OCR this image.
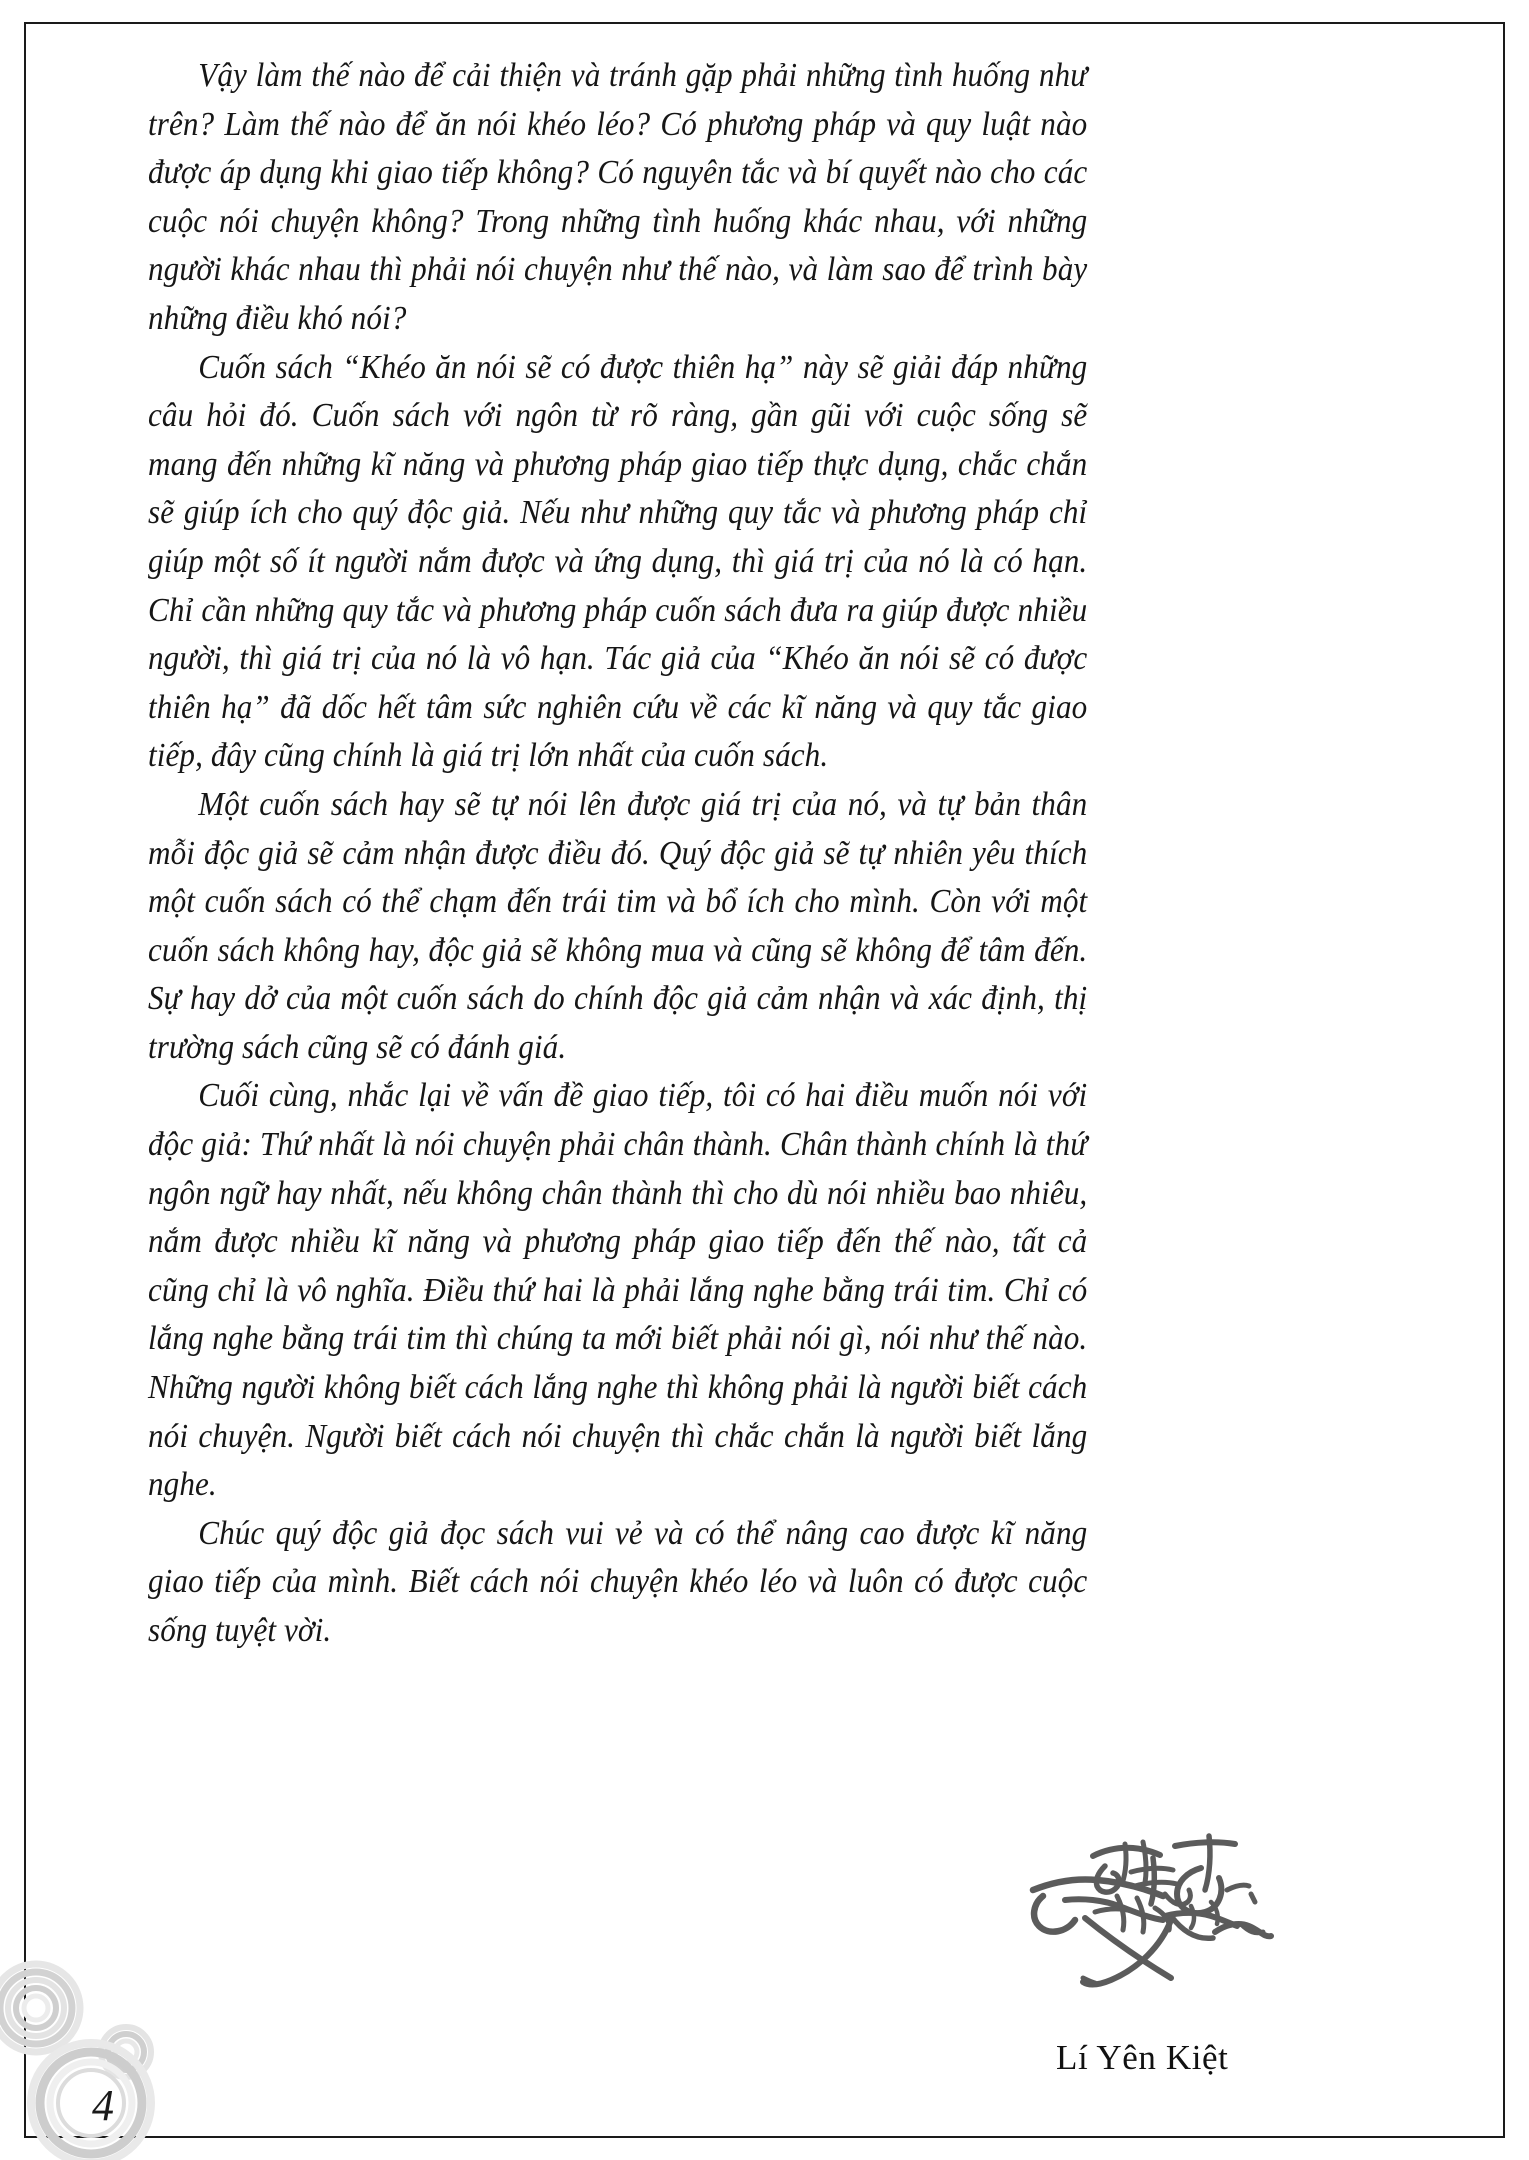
Vậy làm thế nào để cải thiện và tránh gặp phải những tình huống như trên? Làm thế nào để ăn nói khéo léo? Có phương pháp và quy luật nào được áp dụng khi giao tiếp không? Có nguyên tắc và bí quyết nào cho các cuộc nói chuyện không? Trong những tình huống khác nhau, với những người khác nhau thì phải nói chuyện như thế nào, và làm sao để trình bày những điều khó nói?

Cuốn sách “Khéo ăn nói sẽ có được thiên hạ” này sẽ giải đáp những câu hỏi đó. Cuốn sách với ngôn từ rõ ràng, gần gũi với cuộc sống sẽ mang đến những kĩ năng và phương pháp giao tiếp thực dụng, chắc chắn sẽ giúp ích cho quý độc giả. Nếu như những quy tắc và phương pháp chỉ giúp một số ít người nắm được và ứng dụng, thì giá trị của nó là có hạn. Chỉ cần những quy tắc và phương pháp cuốn sách đưa ra giúp được nhiều người, thì giá trị của nó là vô hạn. Tác giả của “Khéo ăn nói sẽ có được thiên hạ” đã dốc hết tâm sức nghiên cứu về các kĩ năng và quy tắc giao tiếp, đây cũng chính là giá trị lớn nhất của cuốn sách.

Một cuốn sách hay sẽ tự nói lên được giá trị của nó, và tự bản thân mỗi độc giả sẽ cảm nhận được điều đó. Quý độc giả sẽ tự nhiên yêu thích một cuốn sách có thể chạm đến trái tim và bổ ích cho mình. Còn với một cuốn sách không hay, độc giả sẽ không mua và cũng sẽ không để tâm đến. Sự hay dở của một cuốn sách do chính độc giả cảm nhận và xác định, thị trường sách cũng sẽ có đánh giá.

Cuối cùng, nhắc lại về vấn đề giao tiếp, tôi có hai điều muốn nói với độc giả: Thứ nhất là nói chuyện phải chân thành. Chân thành chính là thứ ngôn ngữ hay nhất, nếu không chân thành thì cho dù nói nhiều bao nhiêu, nắm được nhiều kĩ năng và phương pháp giao tiếp đến thế nào, tất cả cũng chỉ là vô nghĩa. Điều thứ hai là phải lắng nghe bằng trái tim. Chỉ có lắng nghe bằng trái tim thì chúng ta mới biết phải nói gì, nói như thế nào. Những người không biết cách lắng nghe thì không phải là người biết cách nói chuyện. Người biết cách nói chuyện thì chắc chắn là người biết lắng nghe.

Chúc quý độc giả đọc sách vui vẻ và có thể nâng cao được kĩ năng giao tiếp của mình. Biết cách nói chuyện khéo léo và luôn có được cuộc sống tuyệt vời.

Lí Yên Kiệt
4
